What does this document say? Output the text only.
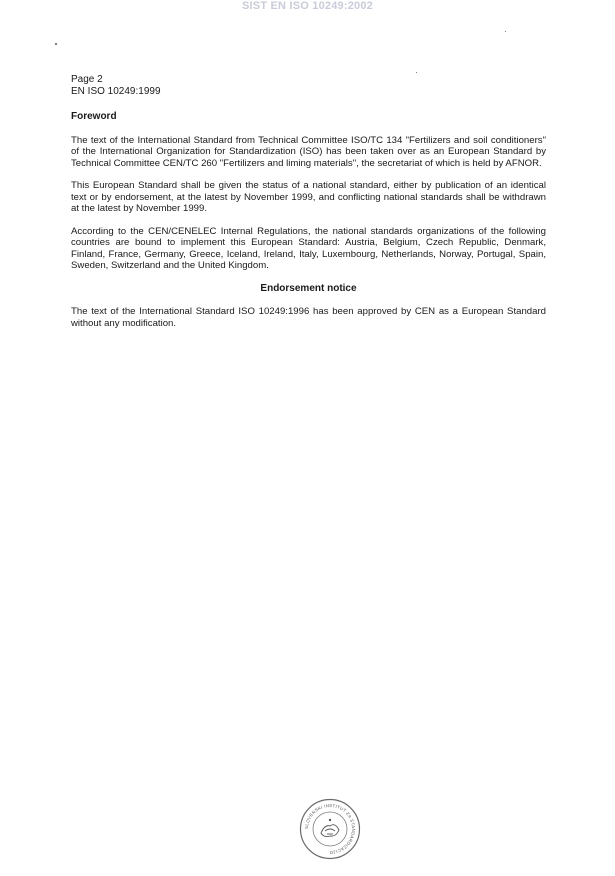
SIST EN ISO 10249:2002
Page 2
EN ISO 10249:1999
Foreword

The text of the International Standard from Technical Committee ISO/TC 134 "Fertilizers and soil conditioners" of the International Organization for Standardization (ISO) has been taken over as an European Standard by Technical Committee CEN/TC 260 "Fertilizers and liming materials", the secretariat of which is held by AFNOR.

This European Standard shall be given the status of a national standard, either by publication of an identical text or by endorsement, at the latest by November 1999, and conflicting national standards shall be withdrawn at the latest by November 1999.

According to the CEN/CENELEC Internal Regulations, the national standards organizations of the following countries are bound to implement this European Standard: Austria, Belgium, Czech Republic, Denmark, Finland, France, Germany, Greece, Iceland, Ireland, Italy, Luxembourg, Netherlands, Norway, Portugal, Spain, Sweden, Switzerland and the United Kingdom.

Endorsement notice

The text of the International Standard ISO 10249:1996 has been approved by CEN as a European Standard without any modification.

SLOVENSKI INSTITUT ZA STANDARDIZACIJO
